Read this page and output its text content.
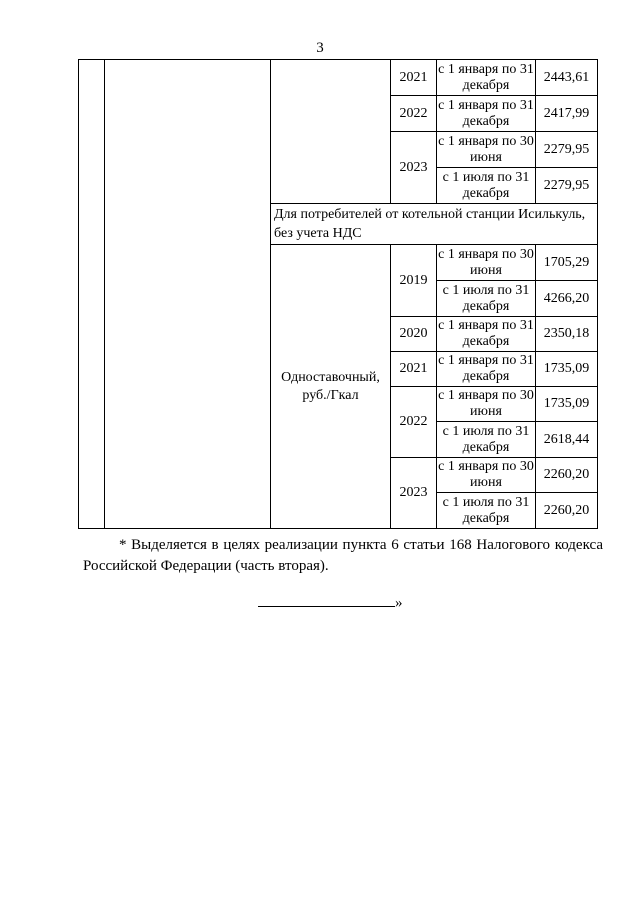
3
			2021	с 1 января по 31 декабря	2443,61
			2022	с 1 января по 31 декабря	2417,99
			2023	с 1 января по 30 июня	2279,95
				с 1 июля по 31 декабря	2279,95
		Для потребителей от котельной станции Исилькуль, без учета НДС			
		Одноставочный, руб./Гкал	2019	с 1 января по 30 июня	1705,29
				с 1 июля по 31 декабря	4266,20
			2020	с 1 января по 31 декабря	2350,18
			2021	с 1 января по 31 декабря	1735,09
			2022	с 1 января по 30 июня	1735,09
				с 1 июля по 31 декабря	2618,44
			2023	с 1 января по 30 июня	2260,20
				с 1 июля по 31 декабря	2260,20
* Выделяется в целях реализации пункта 6 статьи 168 Налогового кодекса Российской Федерации (часть вторая).
»
